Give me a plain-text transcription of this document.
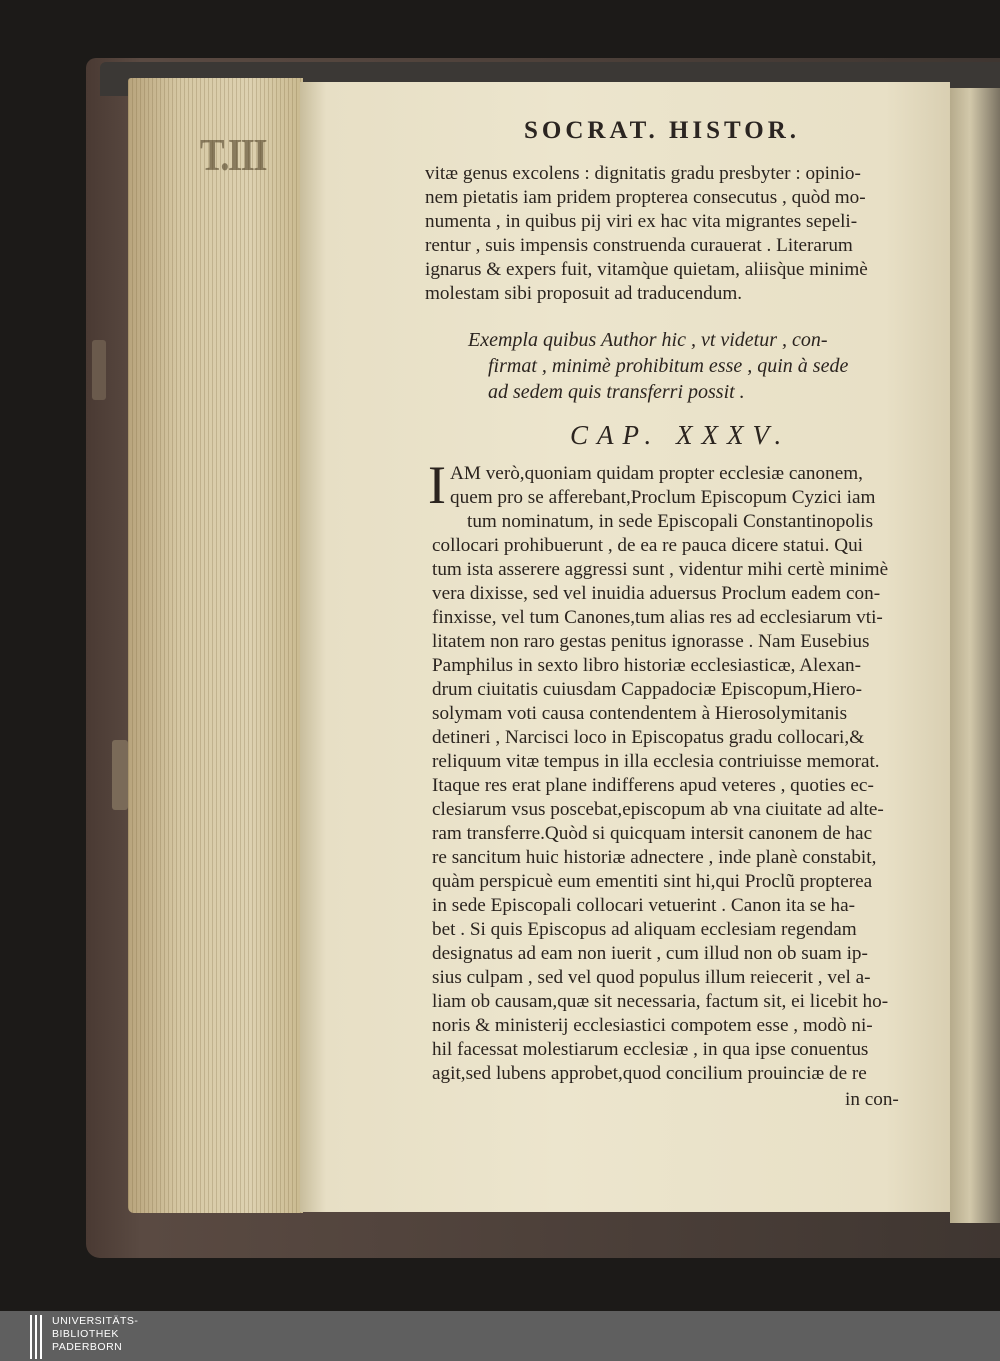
T.III	SOCRAT. HISTOR.
vitæ genus excolens : dignitatis gradu presbyter : opinio-
nem pietatis iam pridem propterea consecutus , quòd mo-
numenta , in quibus pij viri ex hac vita migrantes sepeli-
rentur , suis impensis construenda curauerat . Literarum
ignarus & expers fuit, vitamq̀ue quietam, aliisq̀ue minimè
molestam sibi proposuit ad traducendum.
Exempla quibus Author hic , vt videtur , con-
firmat , minimè prohibitum esse , quin à sede
ad sedem quis transferri possit .
CAP. XXXV.
I AM verò,quoniam quidam propter ecclesiæ canonem,
quem pro se afferebant,Proclum Episcopum Cyzici iam
tum nominatum, in sede Episcopali Constantinopolis
collocari prohibuerunt , de ea re pauca dicere statui. Qui
tum ista asserere aggressi sunt , videntur mihi certè minimè
vera dixisse, sed vel inuidia aduersus Proclum eadem con-
finxisse, vel tum Canones,tum alias res ad ecclesiarum vti-
litatem non raro gestas penitus ignorasse . Nam Eusebius
Pamphilus in sexto libro historiæ ecclesiasticæ, Alexan-
drum ciuitatis cuiusdam Cappadociæ Episcopum,Hiero-
solymam voti causa contendentem à Hierosolymitanis
detineri , Narcisci loco in Episcopatus gradu collocari,&
reliquum vitæ tempus in illa ecclesia contriuisse memorat.
Itaque res erat plane indifferens apud veteres , quoties ec-
clesiarum vsus poscebat,episcopum ab vna ciuitate ad alte-
ram transferre.Quòd si quicquam intersit canonem de hac
re sancitum huic historiæ adnectere , inde planè constabit,
quàm perspicuè eum ementiti sint hi,qui Proclũ propterea
in sede Episcopali collocari vetuerint . Canon ita se ha-
bet . Si quis Episcopus ad aliquam ecclesiam regendam
designatus ad eam non iuerit , cum illud non ob suam ip-
sius culpam , sed vel quod populus illum reiecerit , vel a-
liam ob causam,quæ sit necessaria, factum sit, ei licebit ho-
noris & ministerij ecclesiastici compotem esse , modò ni-
hil facessat molestiarum ecclesiæ , in qua ipse conuentus
agit,sed lubens approbet,quod concilium prouinciæ de re
in con-
UNIVERSITÄTS-
BIBLIOTHEK
PADERBORN
